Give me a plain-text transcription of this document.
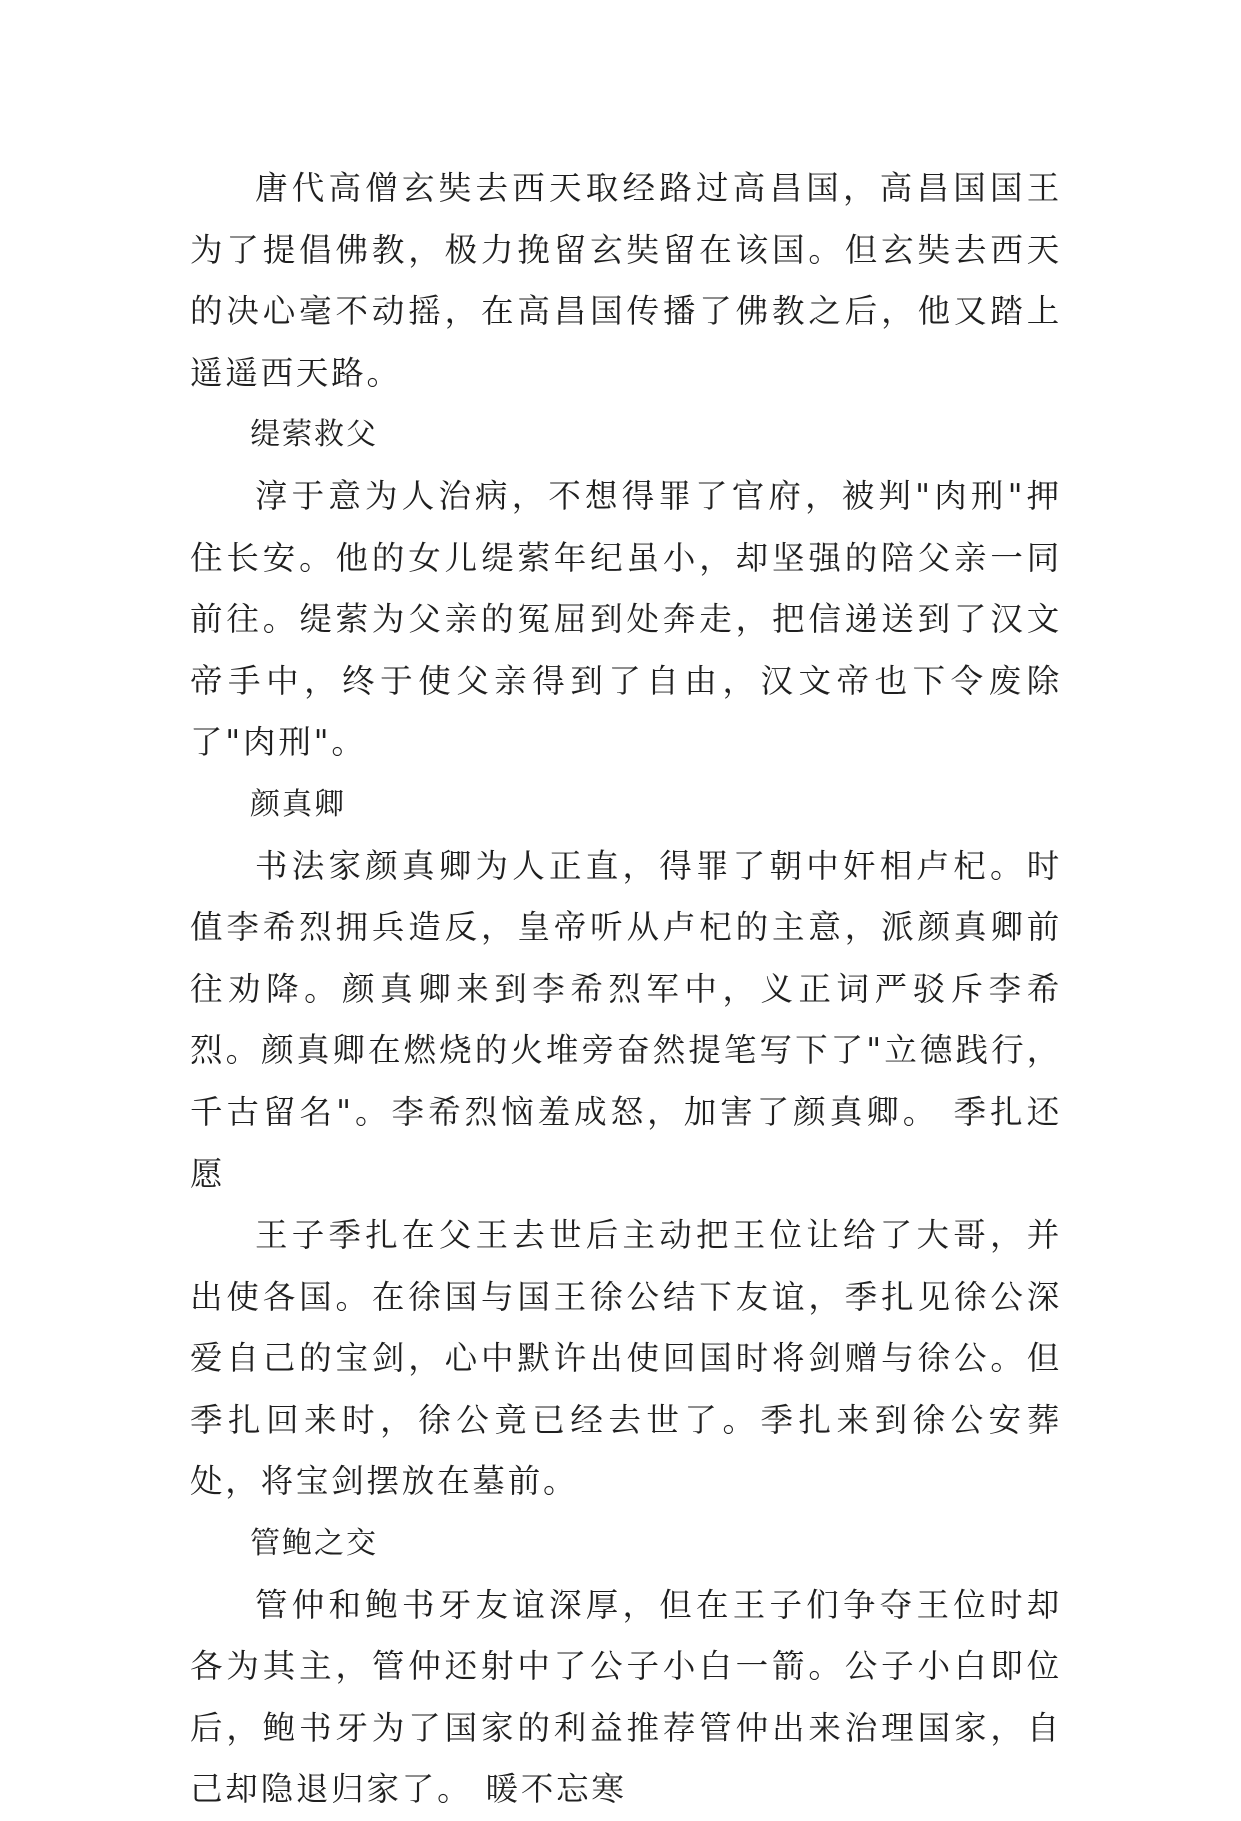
唐代高僧玄奘去西天取经路过高昌国，高昌国国王为了提倡佛教，极力挽留玄奘留在该国。但玄奘去西天的决心毫不动摇，在高昌国传播了佛教之后，他又踏上遥遥西天路。

缇萦救父

淳于意为人治病，不想得罪了官府，被判"肉刑"押住长安。他的女儿缇萦年纪虽小，却坚强的陪父亲一同前往。缇萦为父亲的冤屈到处奔走，把信递送到了汉文帝手中，终于使父亲得到了自由，汉文帝也下令废除了"肉刑"。

颜真卿

书法家颜真卿为人正直，得罪了朝中奸相卢杞。时值李希烈拥兵造反，皇帝听从卢杞的主意，派颜真卿前往劝降。颜真卿来到李希烈军中，义正词严驳斥李希烈。颜真卿在燃烧的火堆旁奋然提笔写下了"立德践行，千古留名"。李希烈恼羞成怒，加害了颜真卿。 季扎还愿

王子季扎在父王去世后主动把王位让给了大哥，并出使各国。在徐国与国王徐公结下友谊，季扎见徐公深爱自己的宝剑，心中默许出使回国时将剑赠与徐公。但季扎回来时，徐公竟已经去世了。季扎来到徐公安葬处，将宝剑摆放在墓前。

管鲍之交

管仲和鲍书牙友谊深厚，但在王子们争夺王位时却各为其主，管仲还射中了公子小白一箭。公子小白即位后，鲍书牙为了国家的利益推荐管仲出来治理国家，自己却隐退归家了。 暖不忘寒
